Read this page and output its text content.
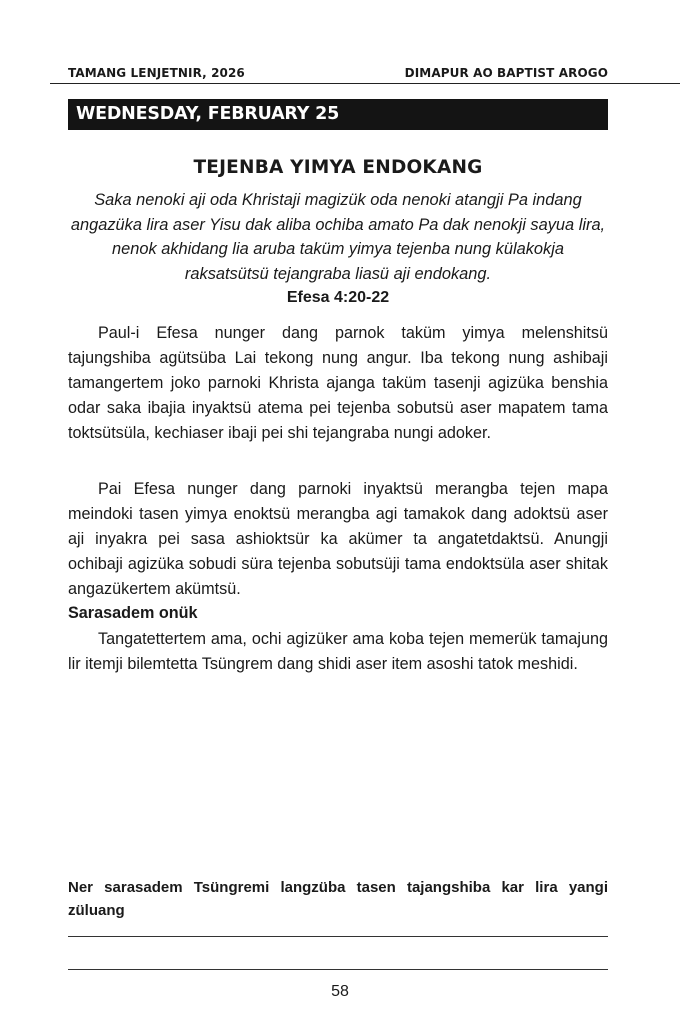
TAMANG LENJETNIR, 2026	DIMAPUR AO BAPTIST AROGO
WEDNESDAY, FEBRUARY 25
TEJENBA YIMYA ENDOKANG
Saka nenoki aji oda Khristaji magizük oda nenoki atangji Pa indang angazüka lira aser Yisu dak aliba ochiba amato Pa dak nenokji sayua lira, nenok akhidang lia aruba taküm yimya tejenba nung külakokja raksatsütsü tejangraba liasü aji endokang.
Efesa 4:20-22
Paul-i Efesa nunger dang parnok taküm yimya melenshitsü tajungshiba agütsüba Lai tekong nung angur. Iba tekong nung ashibaji tamangertem joko parnoki Khrista ajanga taküm tasenji agizüka benshia odar saka ibajia inyaktsü atema pei tejenba sobutsü aser mapatem tama toktsütsüla, kechiaser ibaji pei shi tejangraba nungi adoker.
Pai Efesa nunger dang parnoki inyaktsü merangba tejen mapa meindoki tasen yimya enoktsü merangba agi tamakok dang adoktsü aser aji inyakra pei sasa ashioktsür ka akümer ta angatetdaktsü. Anungji ochibaji agizüka sobudi süra tejenba sobutsüji tama endoktsüla aser shitak angazükertem akümtsü.
Sarasadem onük
Tangatettertem ama, ochi agizüker ama koba tejen memerük tamajung lir itemji bilemtetta Tsüngrem dang shidi aser item asoshi tatok meshidi.
Ner sarasadem Tsüngremi langzüba tasen tajangshiba kar lira yangi züluang
58
